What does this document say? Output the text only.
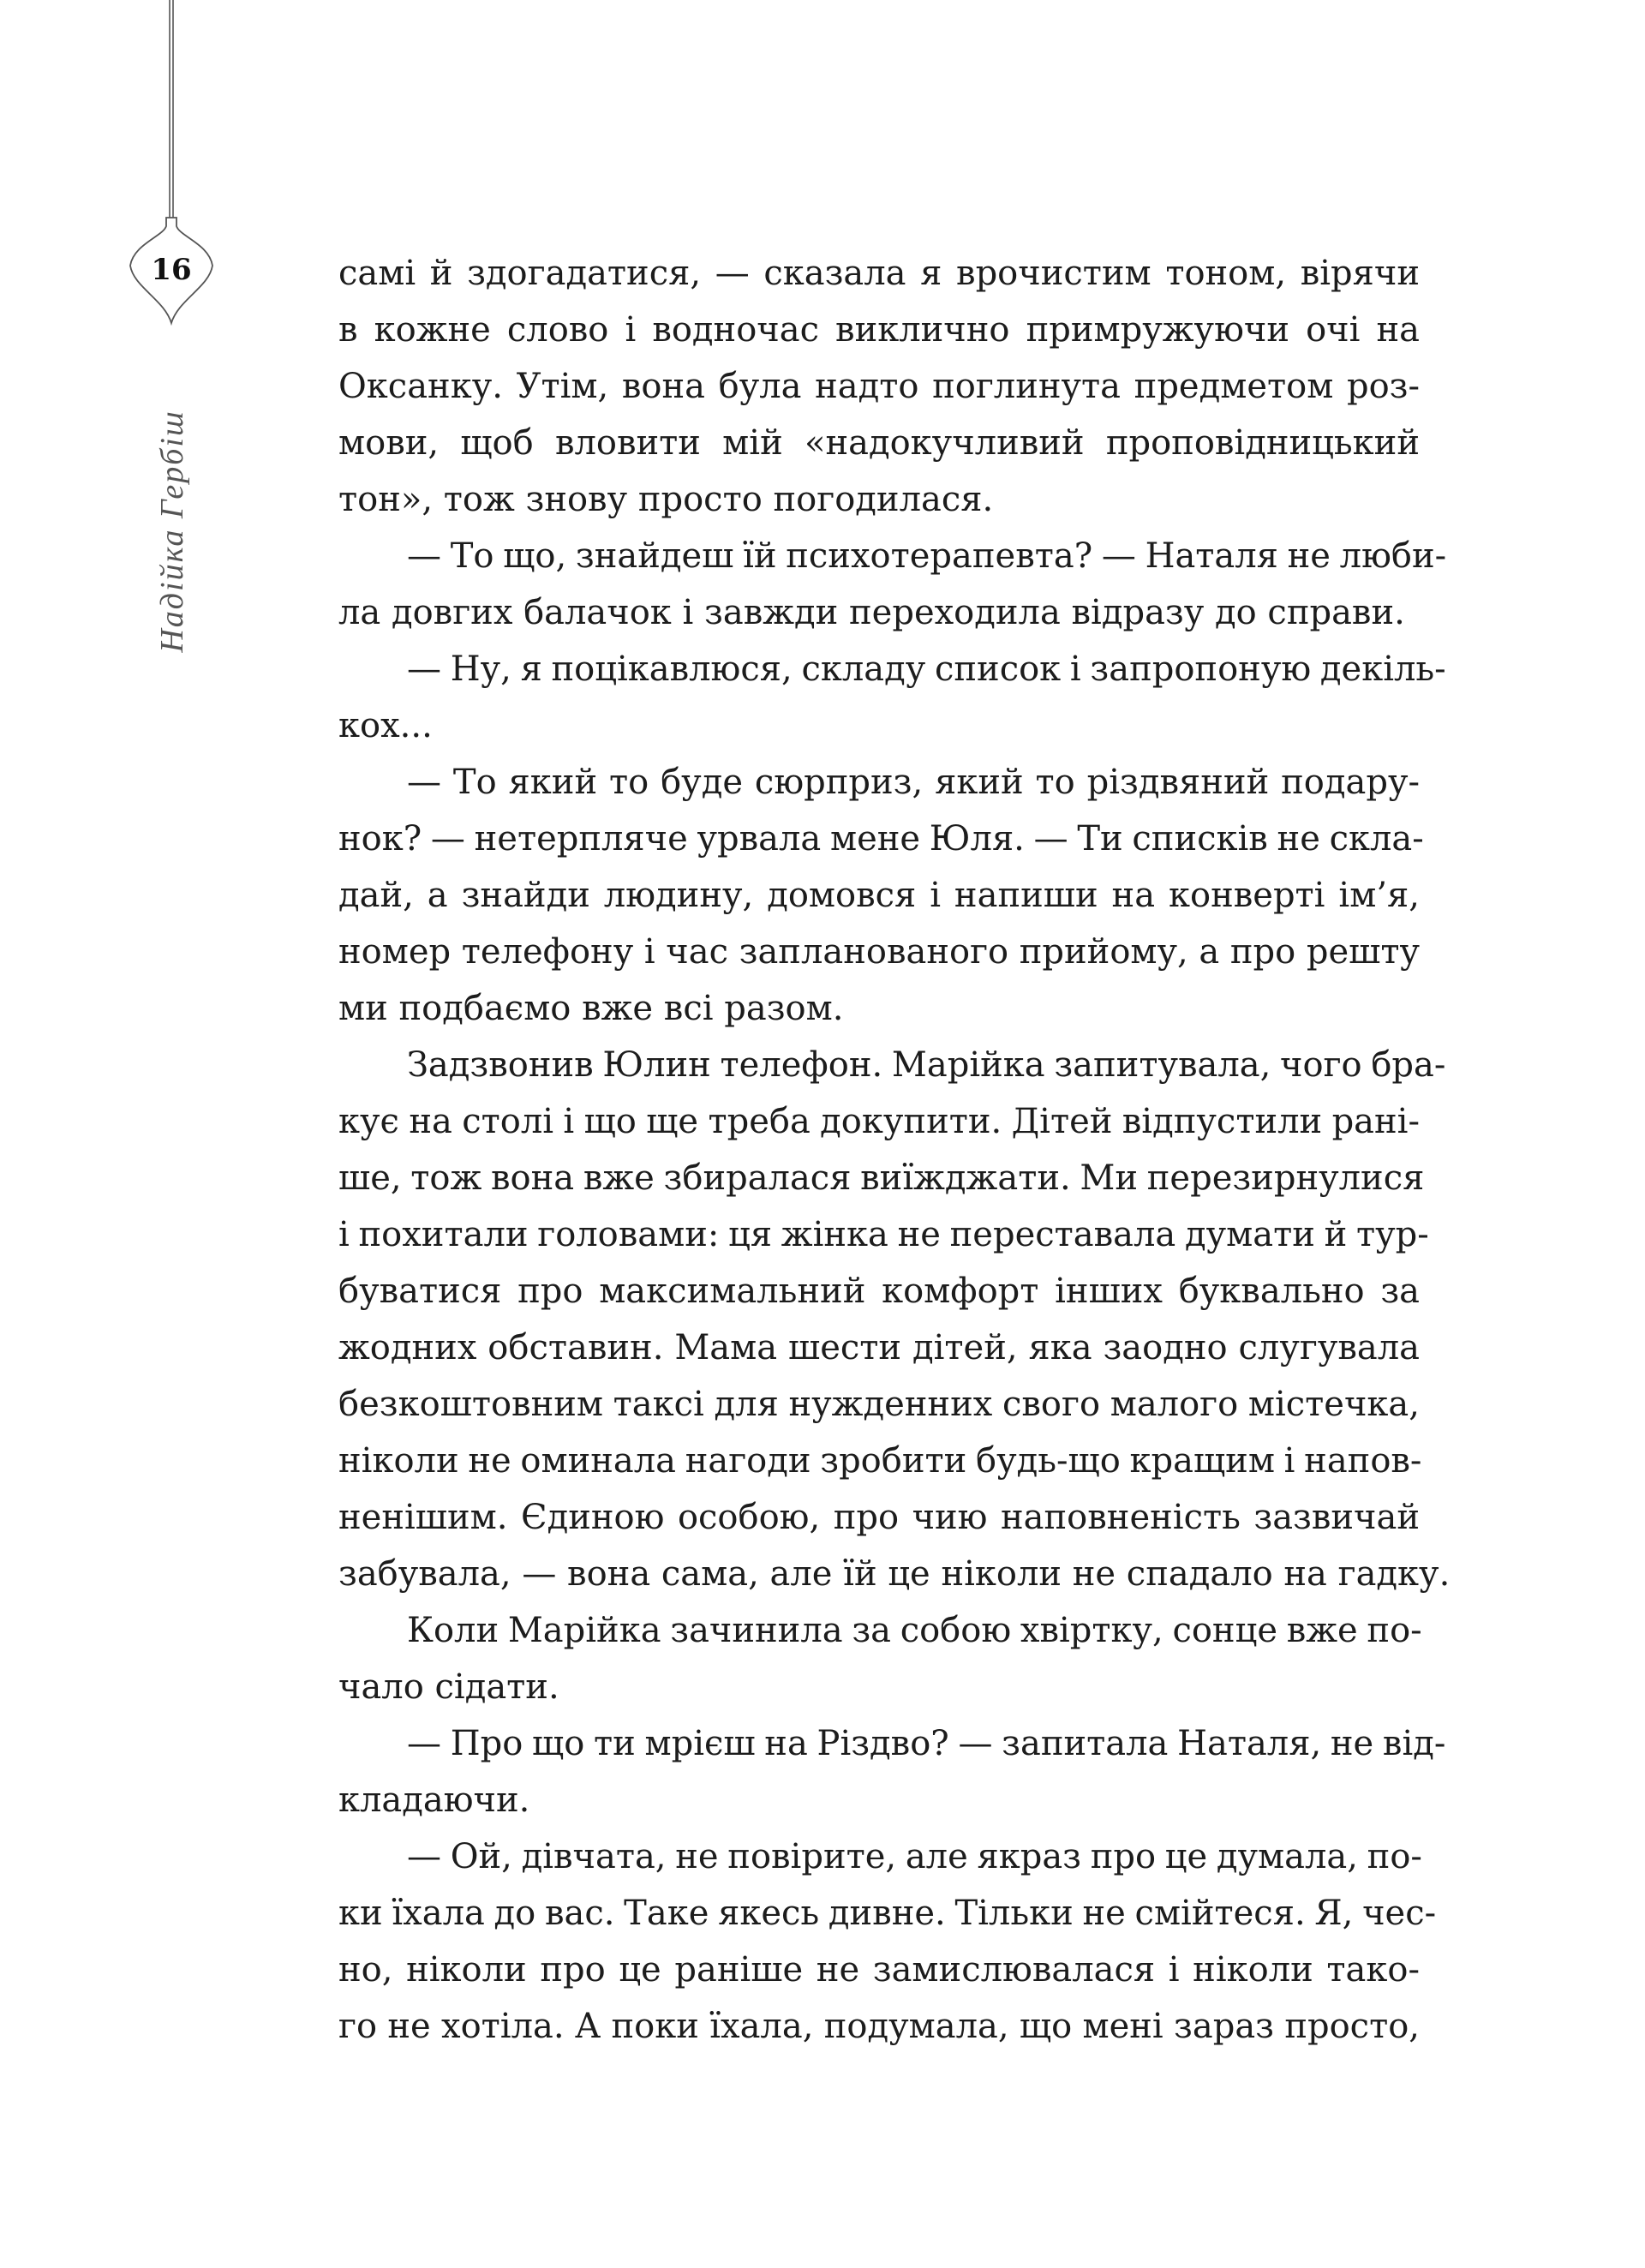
16
Надійка Гербіш
самі й здогадатися, — сказала я врочистим тоном, вірячи
в кожне слово і водночас виклично примружуючи очі на
Оксанку. Утім, вона була надто поглинута предметом роз-
мови, щоб вловити мій «надокучливий проповідницький
тон», тож знову просто погодилася.
— То що, знайдеш їй психотерапевта? — Наталя не люби-
ла довгих балачок і завжди переходила відразу до справи.
— Ну, я поцікавлюся, складу список і запропоную декіль-
кох...
— То який то буде сюрприз, який то різдвяний подару-
нок? — нетерпляче урвала мене Юля. — Ти списків не скла-
дай, а знайди людину, домовся і напиши на конверті ім’я,
номер телефону і час запланованого прийому, а про решту
ми подбаємо вже всі разом.
Задзвонив Юлин телефон. Марійка запитувала, чого бра-
кує на столі і що ще треба докупити. Дітей відпустили рані-
ше, тож вона вже збиралася виїжджати. Ми перезирнулися
і похитали головами: ця жінка не переставала думати й тур-
буватися про максимальний комфорт інших буквально за
жодних обставин. Мама шести дітей, яка заодно слугувала
безкоштовним таксі для нужденних свого малого містечка,
ніколи не оминала нагоди зробити будь-що кращим і напов-
ненішим. Єдиною особою, про чию наповненість зазвичай
забувала, — вона сама, але їй це ніколи не спадало на гадку.
Коли Марійка зачинила за собою хвіртку, сонце вже по-
чало сідати.
— Про що ти мрієш на Різдво? — запитала Наталя, не від-
кладаючи.
— Ой, дівчата, не повірите, але якраз про це думала, по-
ки їхала до вас. Таке якесь дивне. Тільки не смійтеся. Я, чес-
но, ніколи про це раніше не замислювалася і ніколи тако-
го не хотіла. А поки їхала, подумала, що мені зараз просто,
